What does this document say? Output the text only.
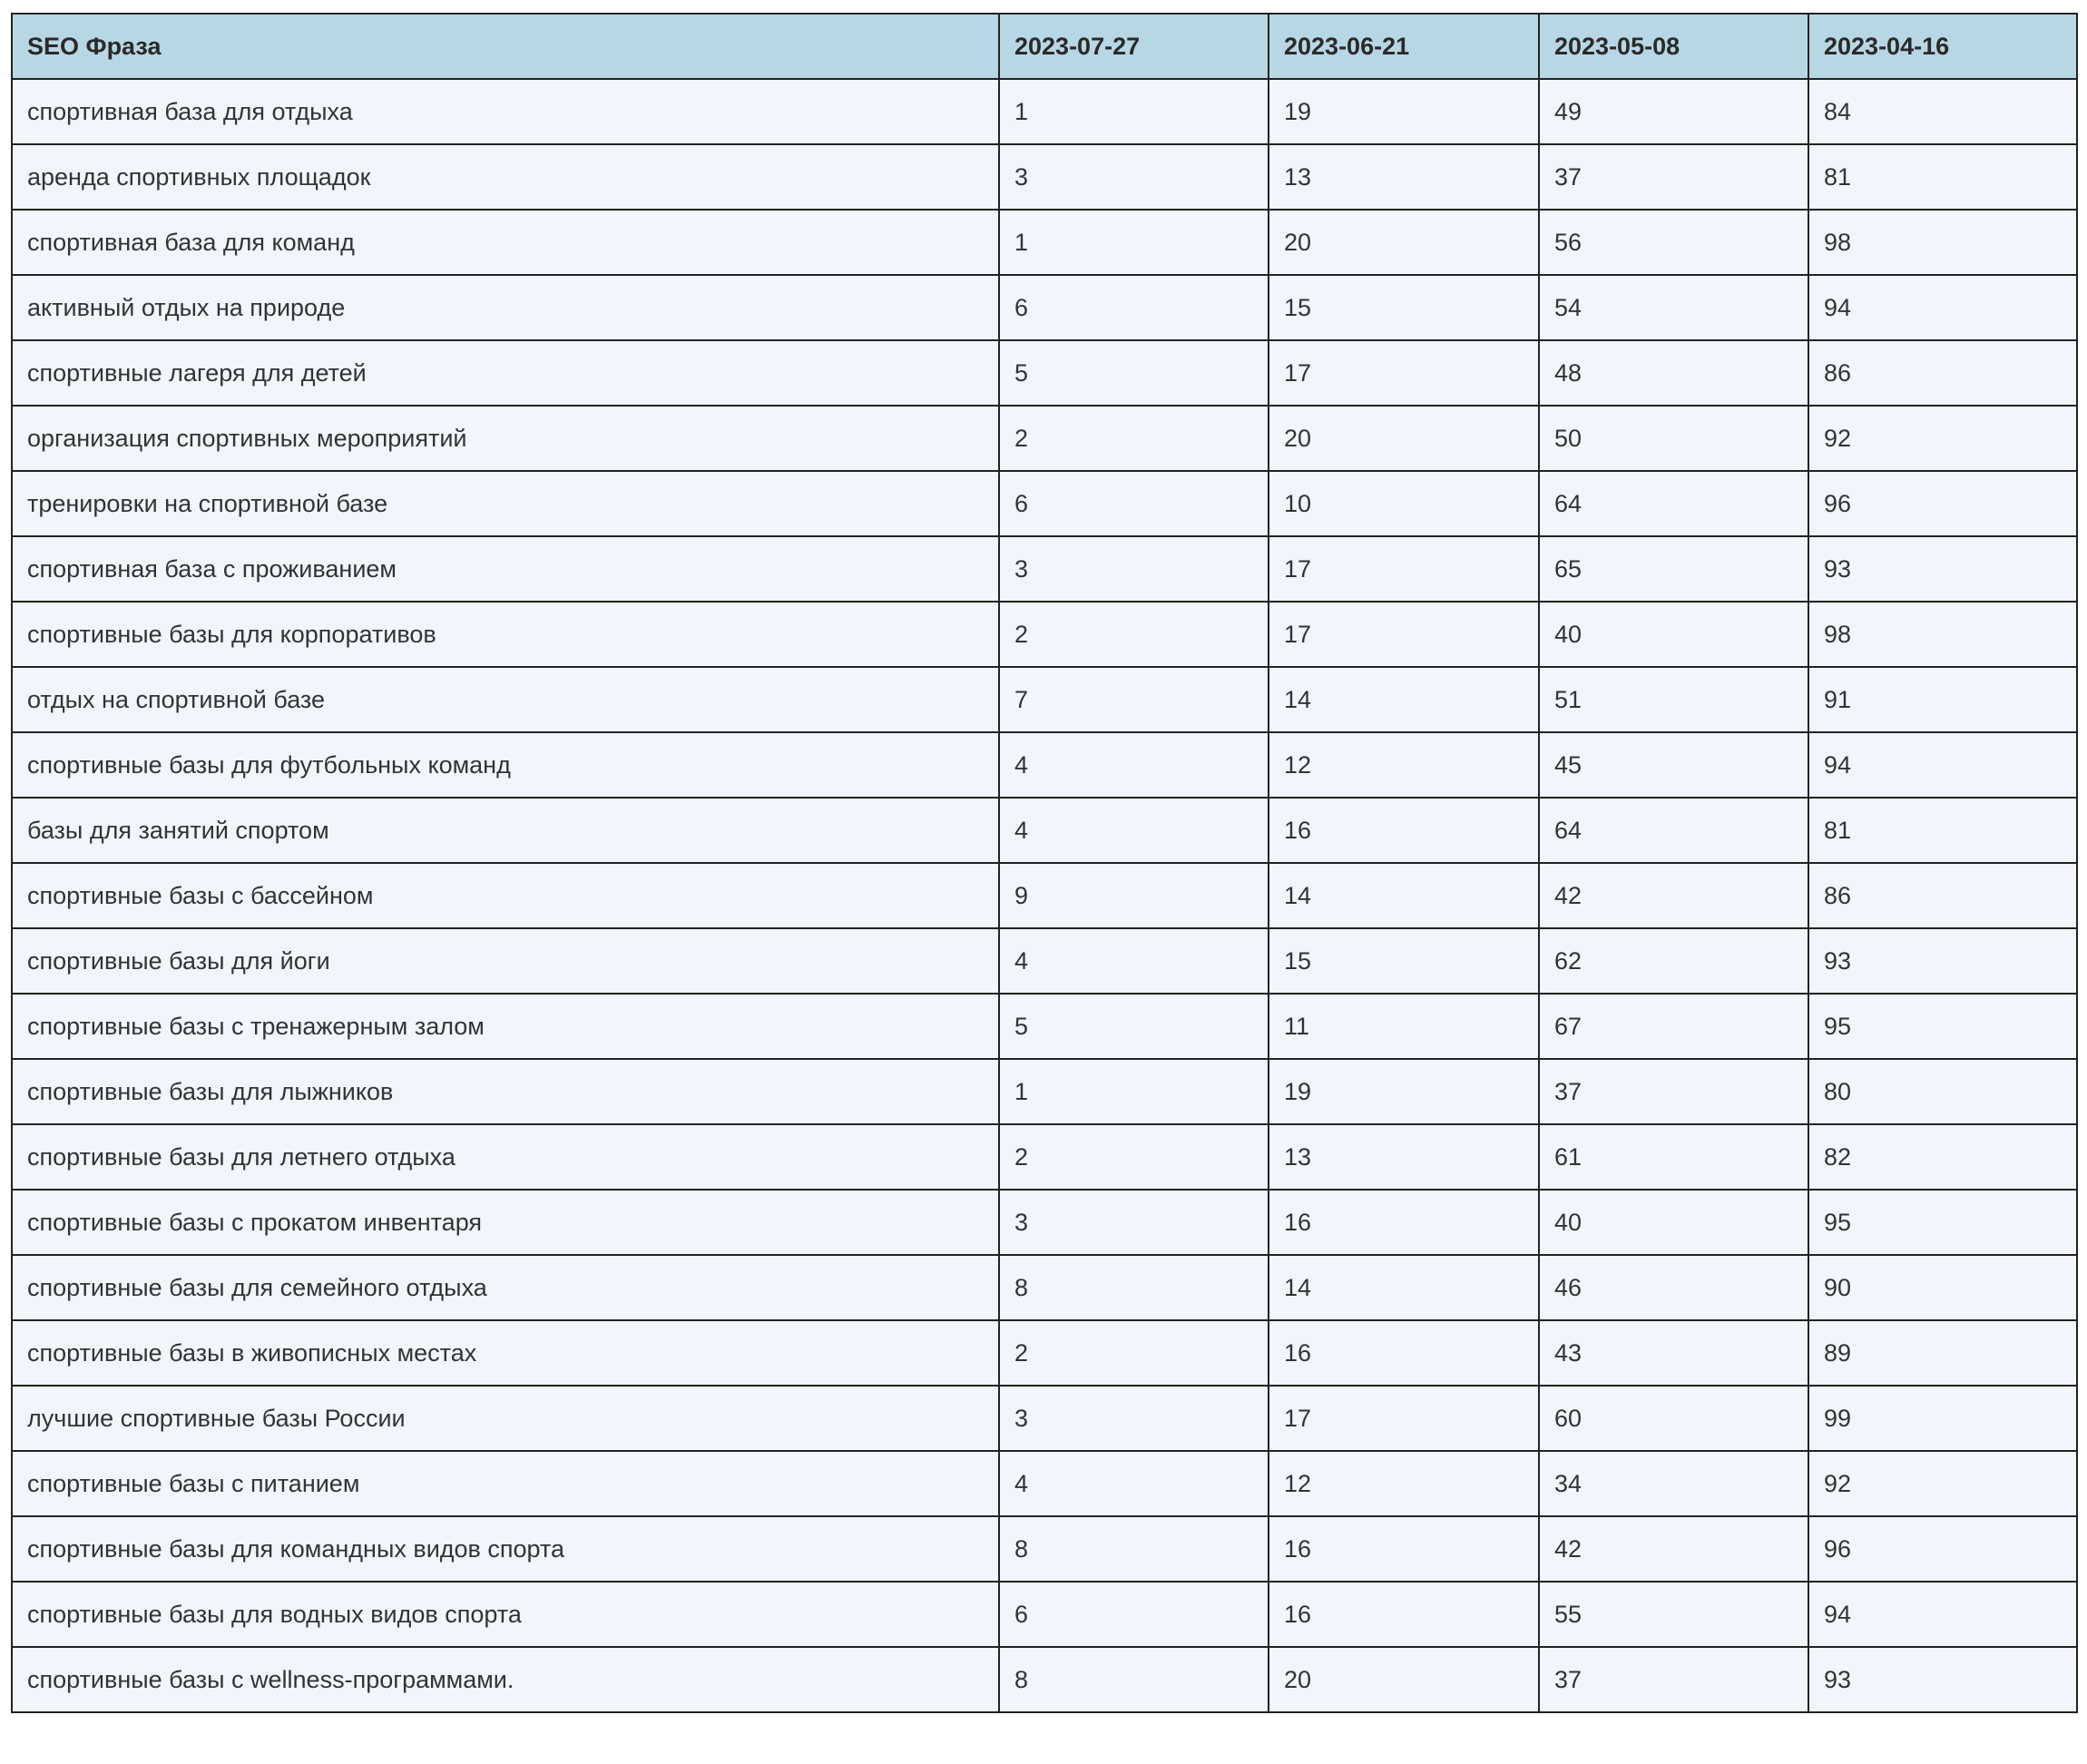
SEO Фраза	2023-07-27	2023-06-21	2023-05-08	2023-04-16
спортивная база для отдыха	1	19	49	84
аренда спортивных площадок	3	13	37	81
спортивная база для команд	1	20	56	98
активный отдых на природе	6	15	54	94
спортивные лагеря для детей	5	17	48	86
организация спортивных мероприятий	2	20	50	92
тренировки на спортивной базе	6	10	64	96
спортивная база с проживанием	3	17	65	93
спортивные базы для корпоративов	2	17	40	98
отдых на спортивной базе	7	14	51	91
спортивные базы для футбольных команд	4	12	45	94
базы для занятий спортом	4	16	64	81
спортивные базы с бассейном	9	14	42	86
спортивные базы для йоги	4	15	62	93
спортивные базы с тренажерным залом	5	11	67	95
спортивные базы для лыжников	1	19	37	80
спортивные базы для летнего отдыха	2	13	61	82
спортивные базы с прокатом инвентаря	3	16	40	95
спортивные базы для семейного отдыха	8	14	46	90
спортивные базы в живописных местах	2	16	43	89
лучшие спортивные базы России	3	17	60	99
спортивные базы с питанием	4	12	34	92
спортивные базы для командных видов спорта	8	16	42	96
спортивные базы для водных видов спорта	6	16	55	94
спортивные базы с wellness-программами.	8	20	37	93
